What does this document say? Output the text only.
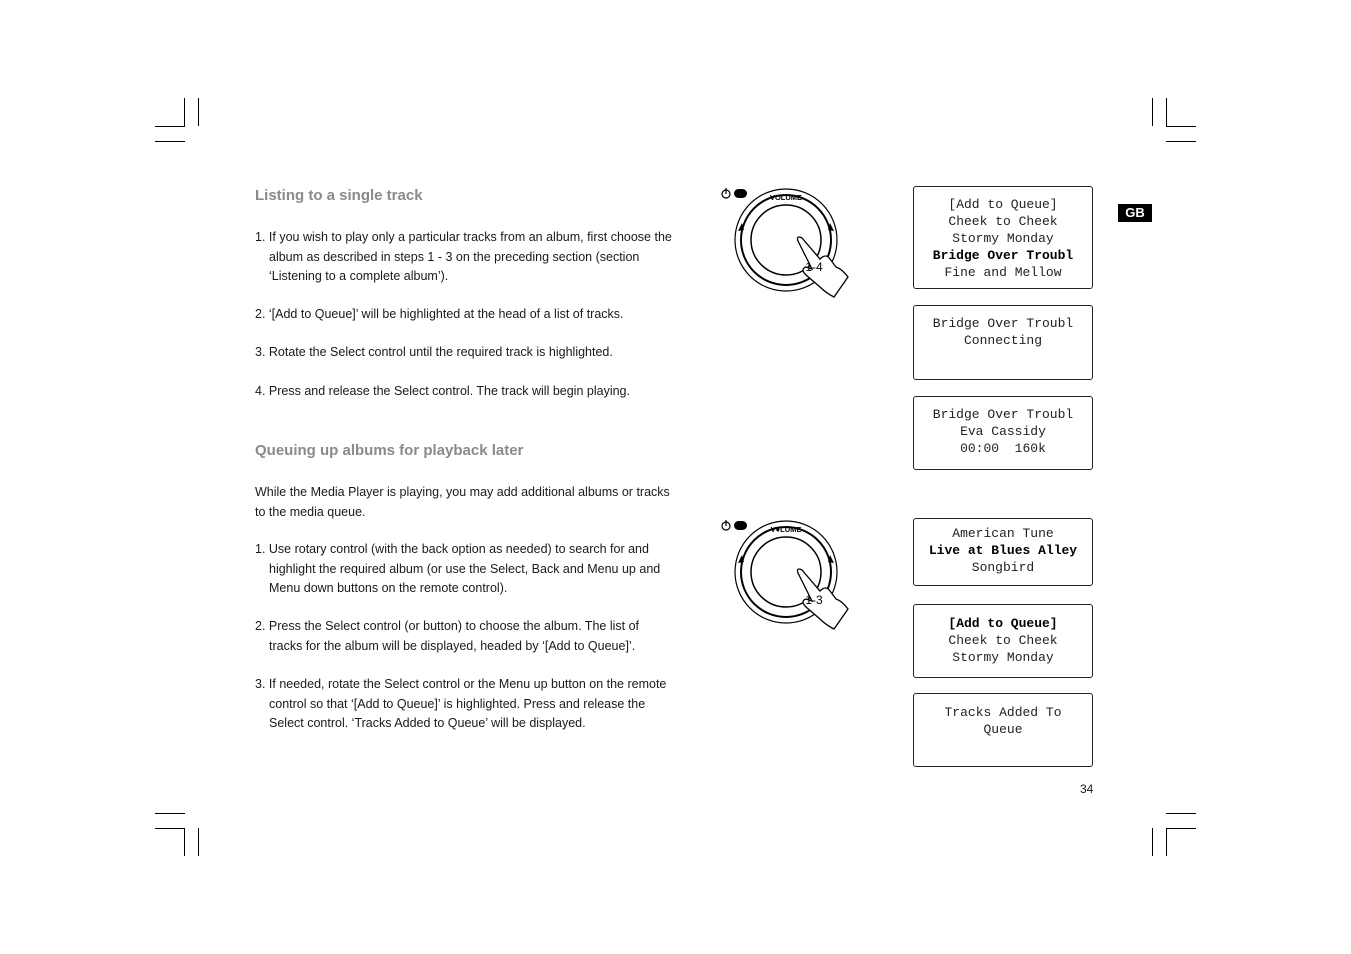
Listing to a single track
1. If you wish to play only a particular tracks from an album, first choose the album as described in steps 1 - 3 on the preceding section (section ‘Listening to a complete album’).
2. ‘[Add to Queue]’ will be highlighted at the head of a list of tracks.
3. Rotate the Select control until the required track is highlighted.
4. Press and release the Select control. The track will begin playing.
Queuing up albums for playback later
While the Media Player is playing, you may add additional albums or tracks to the media queue.
1. Use rotary control (with the back option as needed) to search for and highlight the required album (or use the Select, Back and Menu up and Menu down buttons on the remote control).
2. Press the Select control (or button) to choose the album. The list of tracks for the album will be displayed, headed by ‘[Add to Queue]’.
3. If needed, rotate the Select control or the Menu up button on the remote control so that ‘[Add to Queue]’ is highlighted. Press and release the Select control. ‘Tracks Added to Queue’ will be displayed.
VOLUME
1-4
V●LUME
1-3
[Add to Queue]
Cheek to Cheek
Stormy Monday
Bridge Over Troubl
Fine and Mellow
Bridge Over Troubl
Connecting
Bridge Over Troubl
Eva Cassidy
00:00  160k
American Tune
Live at Blues Alley
Songbird
[Add to Queue]
Cheek to Cheek
Stormy Monday
Tracks Added To
Queue
GB
34
